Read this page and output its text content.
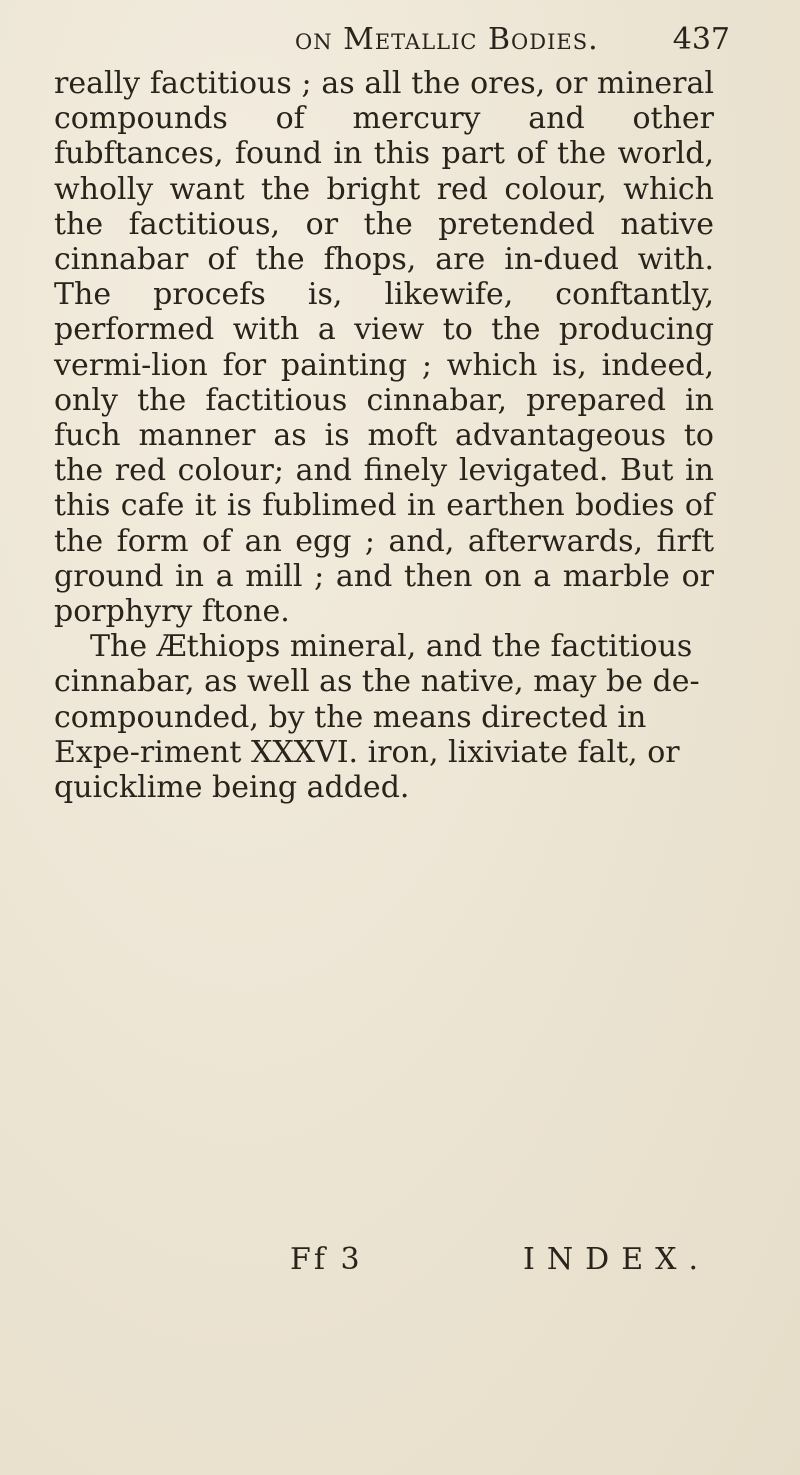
on Metallic Bodies. 437

really factitious ; as all the ores, or mineral compounds of mercury and other fubftances, found in this part of the world, wholly want the bright red colour, which the factitious, or the pretended native cinnabar of the fhops, are in-dued with. The procefs is, likewife, conftantly, performed with a view to the producing vermi-lion for painting ; which is, indeed, only the factitious cinnabar, prepared in fuch manner as is moft advantageous to the red colour; and finely levigated. But in this cafe it is fublimed in earthen bodies of the form of an egg ; and, afterwards, firft ground in a mill ; and then on a marble or porphyry ftone.

The Æthiops mineral, and the factitious cinnabar, as well as the native, may be de-compounded, by the means directed in Expe-riment XXXVI. iron, lixiviate falt, or quicklime being added.

Ff 3	INDEX.
